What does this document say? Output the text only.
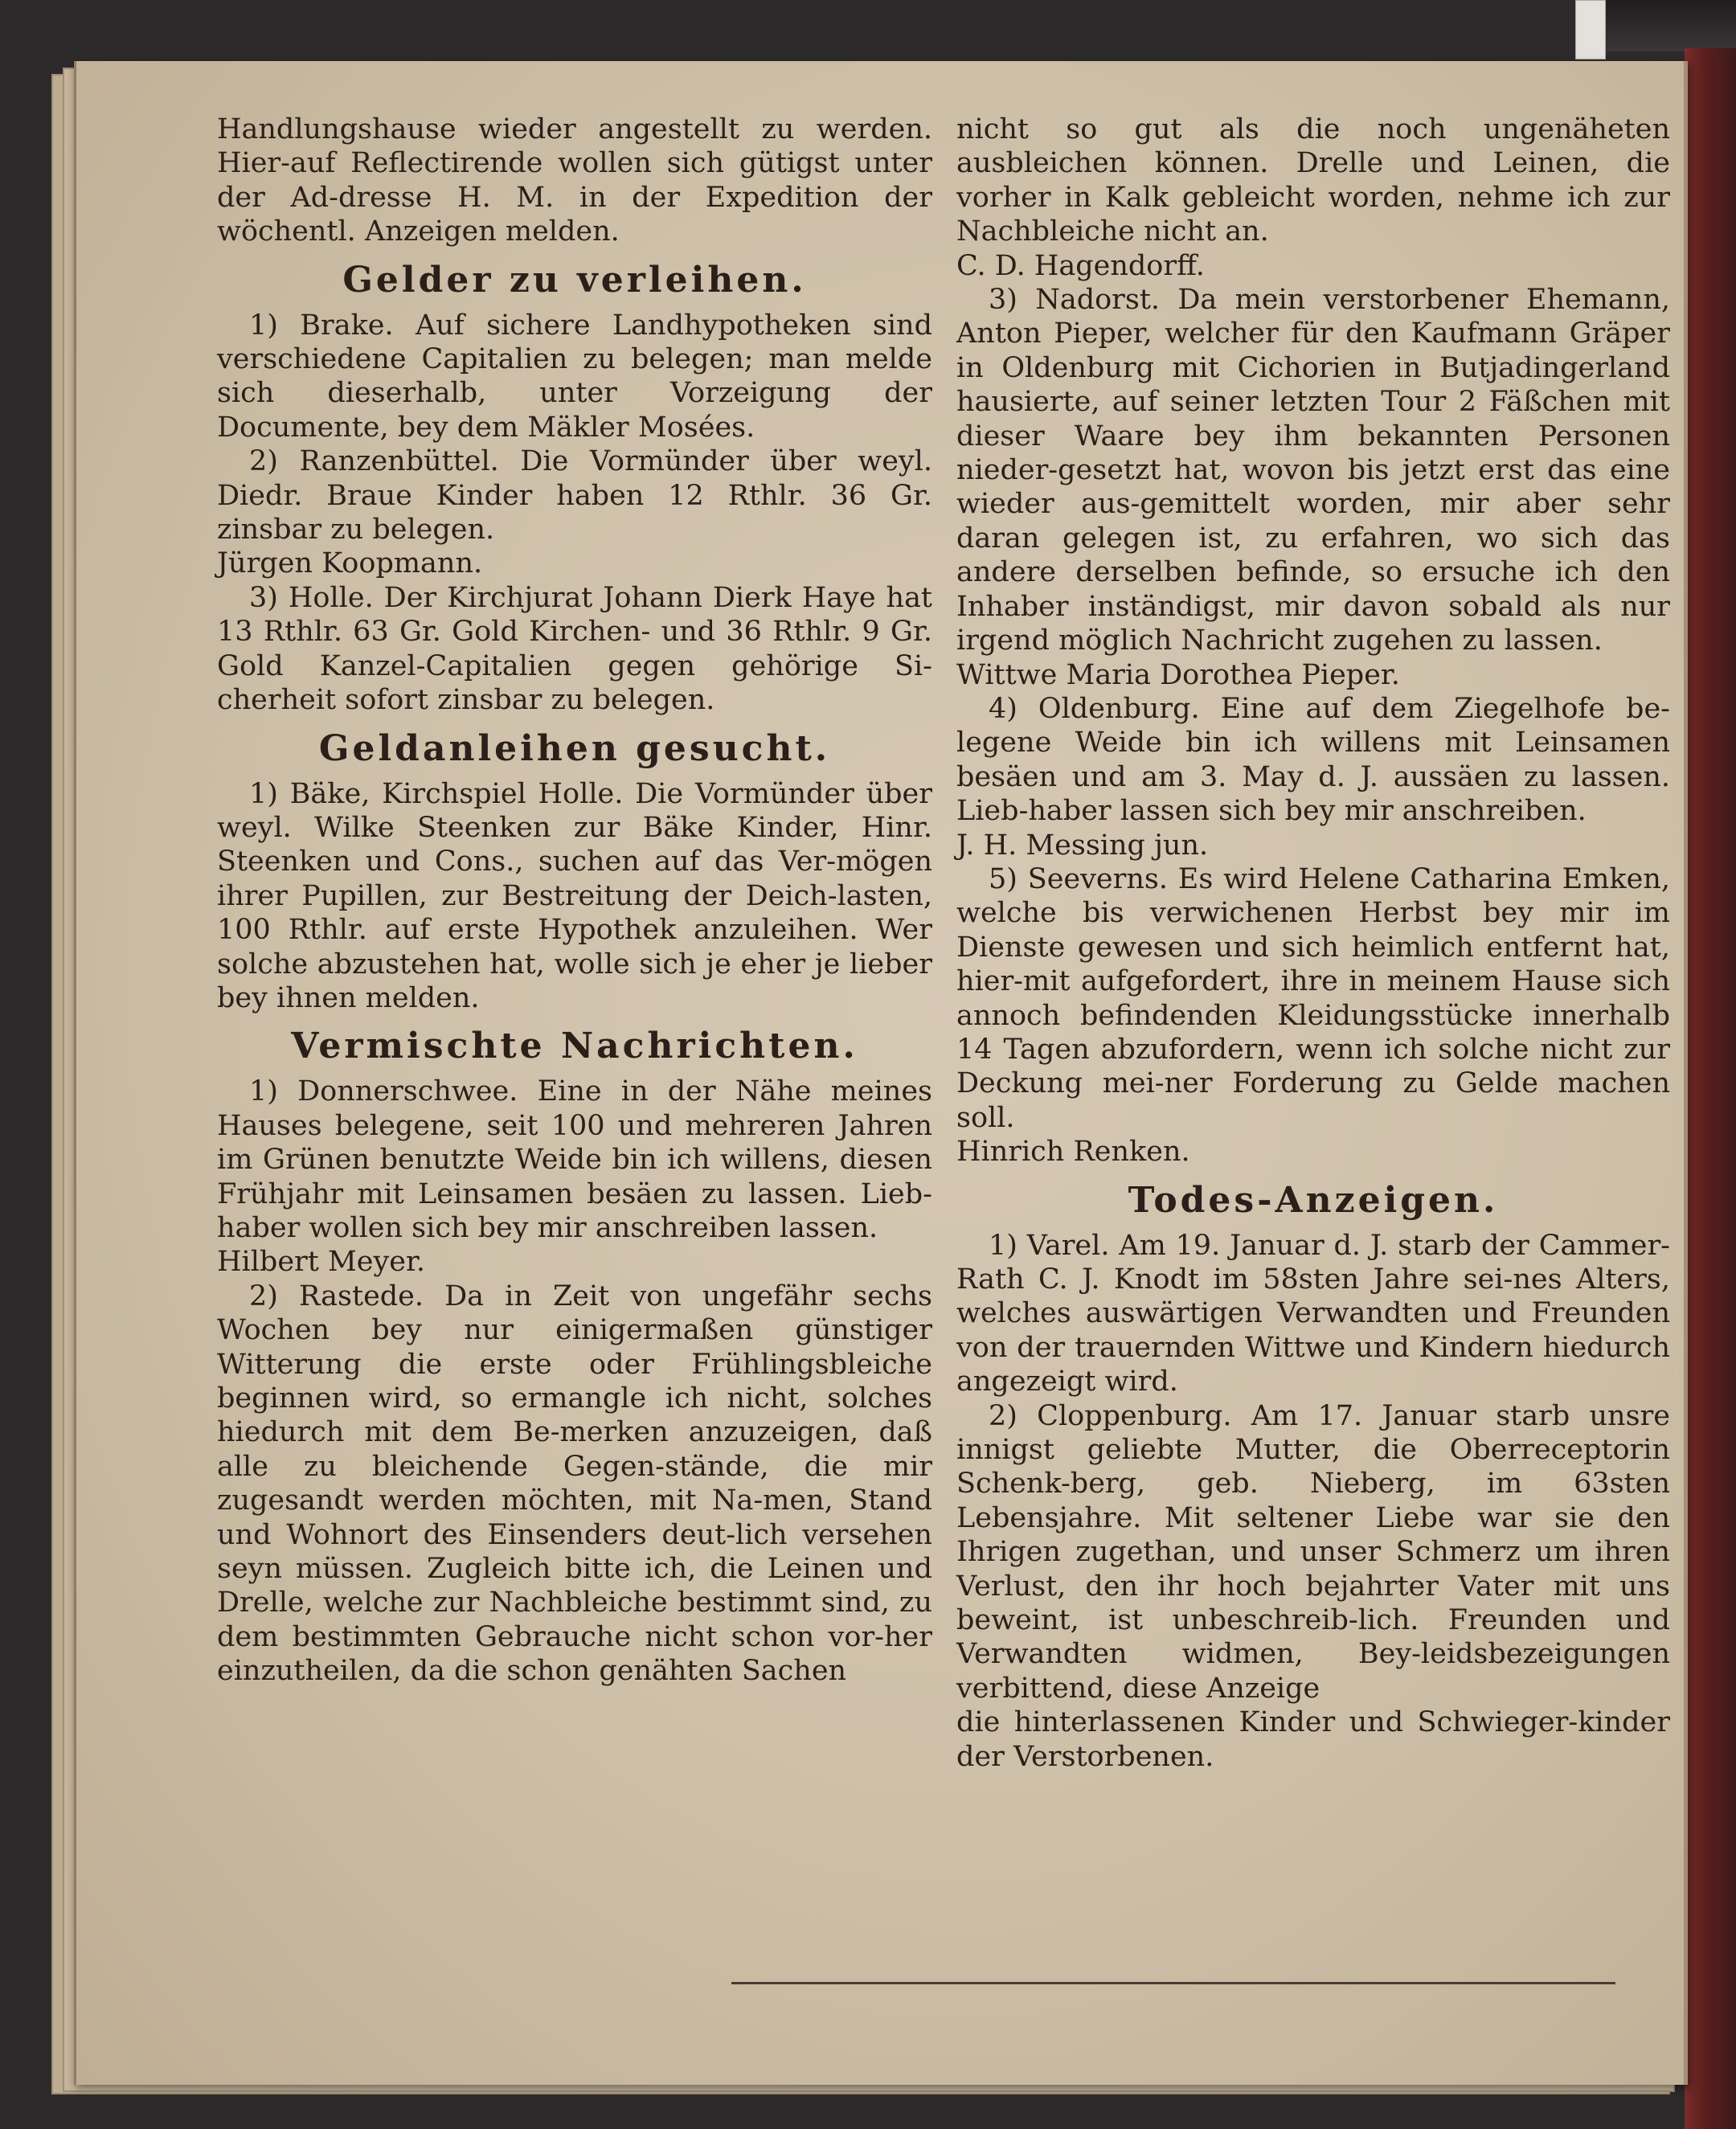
Handlungshause wieder angestellt zu werden. Hier-auf Reflectirende wollen sich gütigst unter der Ad-dresse H. M. in der Expedition der wöchentl. Anzeigen melden.

Gelder zu verleihen.

1) Brake. Auf sichere Landhypotheken sind verschiedene Capitalien zu belegen; man melde sich dieserhalb, unter Vorzeigung der Documente, bey dem Mäkler Mosées.

2) Ranzenbüttel. Die Vormünder über weyl. Diedr. Braue Kinder haben 12 Rthlr. 36 Gr. zinsbar zu belegen.

Jürgen Koopmann.

3) Holle. Der Kirchjurat Johann Dierk Haye hat 13 Rthlr. 63 Gr. Gold Kirchen- und 36 Rthlr. 9 Gr. Gold Kanzel-Capitalien gegen gehörige Si-cherheit sofort zinsbar zu belegen.

Geldanleihen gesucht.

1) Bäke, Kirchspiel Holle. Die Vormünder über weyl. Wilke Steenken zur Bäke Kinder, Hinr. Steenken und Cons., suchen auf das Ver-mögen ihrer Pupillen, zur Bestreitung der Deich-lasten, 100 Rthlr. auf erste Hypothek anzuleihen. Wer solche abzustehen hat, wolle sich je eher je lieber bey ihnen melden.

Vermischte Nachrichten.

1) Donnerschwee. Eine in der Nähe meines Hauses belegene, seit 100 und mehreren Jahren im Grünen benutzte Weide bin ich willens, diesen Frühjahr mit Leinsamen besäen zu lassen. Lieb-haber wollen sich bey mir anschreiben lassen.

Hilbert Meyer.

2) Rastede. Da in Zeit von ungefähr sechs Wochen bey nur einigermaßen günstiger Witterung die erste oder Frühlingsbleiche beginnen wird, so ermangle ich nicht, solches hiedurch mit dem Be-merken anzuzeigen, daß alle zu bleichende Gegen-stände, die mir zugesandt werden möchten, mit Na-men, Stand und Wohnort des Einsenders deut-lich versehen seyn müssen. Zugleich bitte ich, die Leinen und Drelle, welche zur Nachbleiche bestimmt sind, zu dem bestimmten Gebrauche nicht schon vor-her einzutheilen, da die schon genähten Sachen

nicht so gut als die noch ungenäheten ausbleichen können. Drelle und Leinen, die vorher in Kalk gebleicht worden, nehme ich zur Nachbleiche nicht an.

C. D. Hagendorff.

3) Nadorst. Da mein verstorbener Ehemann, Anton Pieper, welcher für den Kaufmann Gräper in Oldenburg mit Cichorien in Butjadingerland hausierte, auf seiner letzten Tour 2 Fäßchen mit dieser Waare bey ihm bekannten Personen nieder-gesetzt hat, wovon bis jetzt erst das eine wieder aus-gemittelt worden, mir aber sehr daran gelegen ist, zu erfahren, wo sich das andere derselben befinde, so ersuche ich den Inhaber inständigst, mir davon sobald als nur irgend möglich Nachricht zugehen zu lassen.

Wittwe Maria Dorothea Pieper.

4) Oldenburg. Eine auf dem Ziegelhofe be-legene Weide bin ich willens mit Leinsamen besäen und am 3. May d. J. aussäen zu lassen. Lieb-haber lassen sich bey mir anschreiben.

J. H. Messing jun.

5) Seeverns. Es wird Helene Catharina Emken, welche bis verwichenen Herbst bey mir im Dienste gewesen und sich heimlich entfernt hat, hier-mit aufgefordert, ihre in meinem Hause sich annoch befindenden Kleidungsstücke innerhalb 14 Tagen abzufordern, wenn ich solche nicht zur Deckung mei-ner Forderung zu Gelde machen soll.

Hinrich Renken.

Todes-Anzeigen.

1) Varel. Am 19. Januar d. J. starb der Cammer-Rath C. J. Knodt im 58sten Jahre sei-nes Alters, welches auswärtigen Verwandten und Freunden von der trauernden Wittwe und Kindern hiedurch angezeigt wird.

2) Cloppenburg. Am 17. Januar starb unsre innigst geliebte Mutter, die Oberreceptorin Schenk-berg, geb. Nieberg, im 63sten Lebensjahre. Mit seltener Liebe war sie den Ihrigen zugethan, und unser Schmerz um ihren Verlust, den ihr hoch bejahrter Vater mit uns beweint, ist unbeschreib-lich. Freunden und Verwandten widmen, Bey-leidsbezeigungen verbittend, diese Anzeige

die hinterlassenen Kinder und Schwieger-kinder der Verstorbenen.
